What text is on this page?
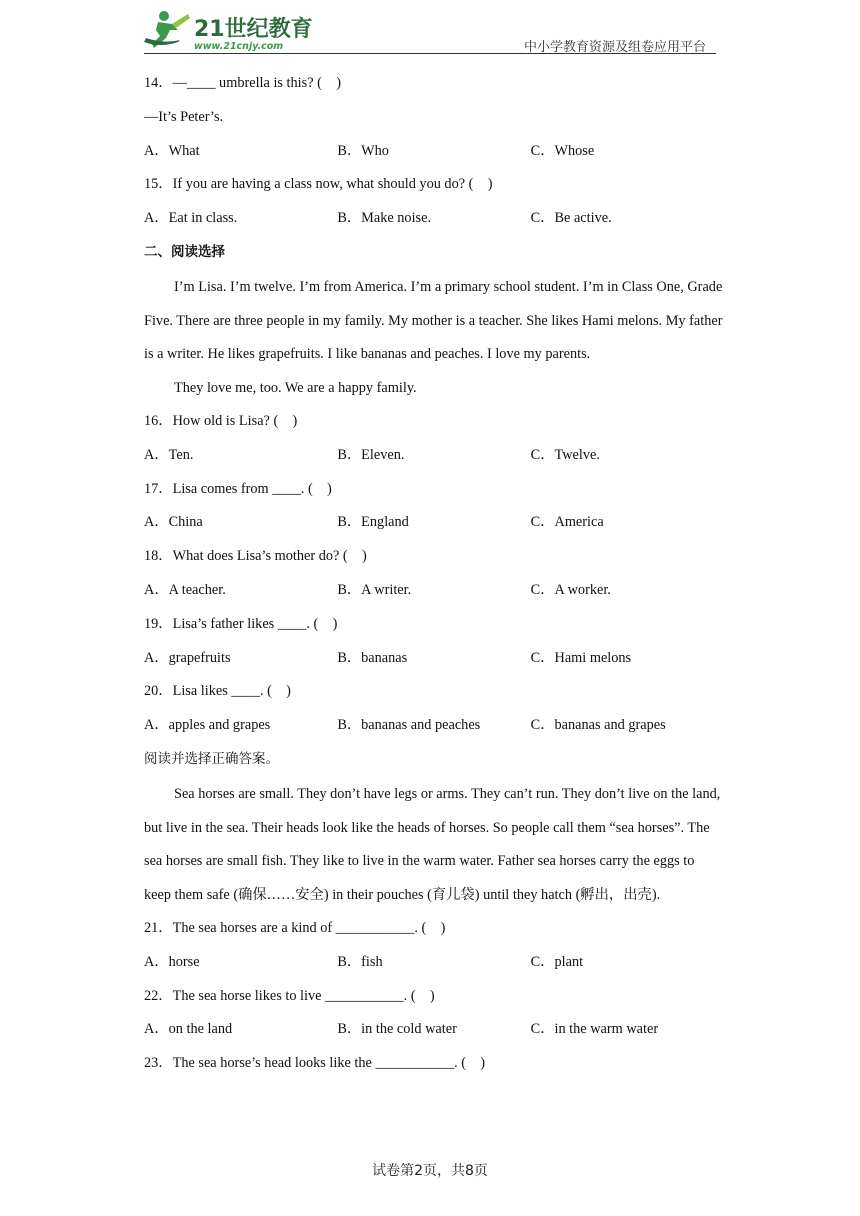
21世纪教育
www.21cnjy.com	中小学教育资源及组卷应用平台
14．—____ umbrella is this? (　)
—It’s Peter’s.
A．What	B．Who	C．Whose
15．If you are having a class now, what should you do? (　)
A．Eat in class.	B．Make noise.	C．Be active.
二、阅读选择
I’m Lisa. I’m twelve. I’m from America. I’m a primary school student. I’m in Class One, Grade Five. There are three people in my family. My mother is a teacher. She likes Hami melons. My father is a writer. He likes grapefruits. I like bananas and peaches. I love my parents.
They love me, too. We are a happy family.
16．How old is Lisa? (　)
A．Ten.	B．Eleven.	C．Twelve.
17．Lisa comes from ____. (　)
A．China	B．England	C．America
18．What does Lisa’s mother do? (　)
A．A teacher.	B．A writer.	C．A worker.
19．Lisa’s father likes ____. (　)
A．grapefruits	B．bananas	C．Hami melons
20．Lisa likes ____. (　)
A．apples and grapes	B．bananas and peaches	C．bananas and grapes
阅读并选择正确答案。
Sea horses are small. They don’t have legs or arms. They can’t run. They don’t live on the land, but live in the sea. Their heads look like the heads of horses. So people call them “sea horses”. The sea horses are small fish. They like to live in the warm water. Father sea horses carry the eggs to keep them safe (确保……安全) in their pouches (育儿袋) until they hatch (孵出，出壳).
21．The sea horses are a kind of ___________. (　)
A．horse	B．fish	C．plant
22．The sea horse likes to live ___________. (　)
A．on the land	B．in the cold water	C．in the warm water
23．The sea horse’s head looks like the ___________. (　)
试卷第2页，共8页
